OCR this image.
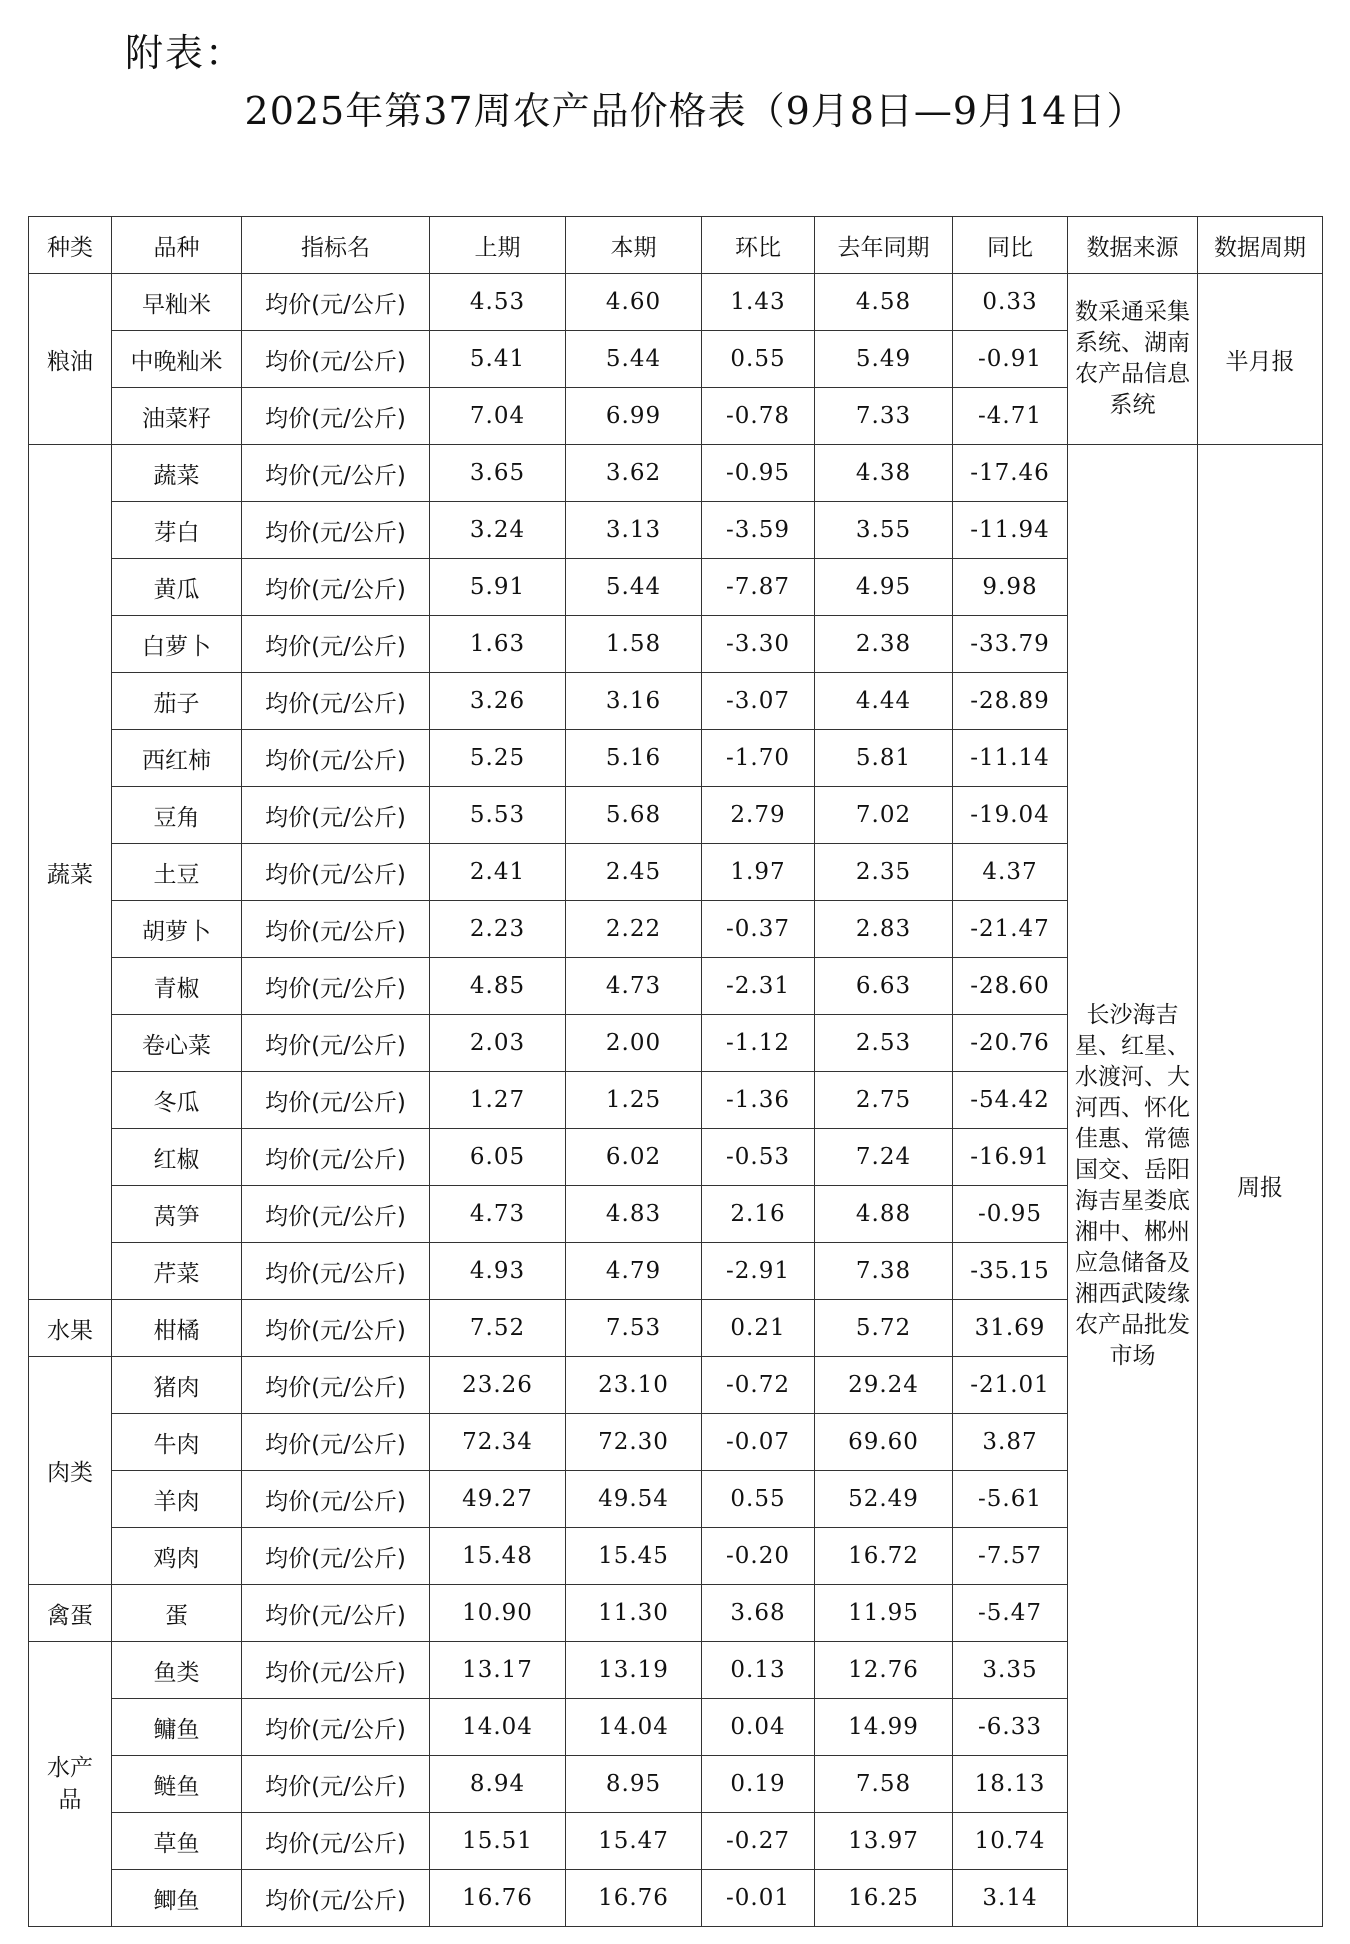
附表：
2025年第37周农产品价格表（9月8日—9月14日）
种类	品种	指标名	上期	本期	环比	去年同期	同比	数据来源	数据周期
粮油	早籼米	均价(元/公斤)	4.53	4.60	1.43	4.58	0.33	数采通采集系统、湖南农产品信息系统	半月报
	中晚籼米	均价(元/公斤)	5.41	5.44	0.55	5.49	-0.91		
	油菜籽	均价(元/公斤)	7.04	6.99	-0.78	7.33	-4.71		
蔬菜	蔬菜	均价(元/公斤)	3.65	3.62	-0.95	4.38	-17.46	长沙海吉星、红星、水渡河、大河西、怀化佳惠、常德国交、岳阳海吉星娄底湘中、郴州应急储备及湘西武陵缘农产品批发市场	周报
	芽白	均价(元/公斤)	3.24	3.13	-3.59	3.55	-11.94		
	黄瓜	均价(元/公斤)	5.91	5.44	-7.87	4.95	9.98		
	白萝卜	均价(元/公斤)	1.63	1.58	-3.30	2.38	-33.79		
	茄子	均价(元/公斤)	3.26	3.16	-3.07	4.44	-28.89		
	西红柿	均价(元/公斤)	5.25	5.16	-1.70	5.81	-11.14		
	豆角	均价(元/公斤)	5.53	5.68	2.79	7.02	-19.04		
	土豆	均价(元/公斤)	2.41	2.45	1.97	2.35	4.37		
	胡萝卜	均价(元/公斤)	2.23	2.22	-0.37	2.83	-21.47		
	青椒	均价(元/公斤)	4.85	4.73	-2.31	6.63	-28.60		
	卷心菜	均价(元/公斤)	2.03	2.00	-1.12	2.53	-20.76		
	冬瓜	均价(元/公斤)	1.27	1.25	-1.36	2.75	-54.42		
	红椒	均价(元/公斤)	6.05	6.02	-0.53	7.24	-16.91		
	莴笋	均价(元/公斤)	4.73	4.83	2.16	4.88	-0.95		
	芹菜	均价(元/公斤)	4.93	4.79	-2.91	7.38	-35.15		
水果	柑橘	均价(元/公斤)	7.52	7.53	0.21	5.72	31.69		
肉类	猪肉	均价(元/公斤)	23.26	23.10	-0.72	29.24	-21.01		
	牛肉	均价(元/公斤)	72.34	72.30	-0.07	69.60	3.87		
	羊肉	均价(元/公斤)	49.27	49.54	0.55	52.49	-5.61		
	鸡肉	均价(元/公斤)	15.48	15.45	-0.20	16.72	-7.57		
禽蛋	蛋	均价(元/公斤)	10.90	11.30	3.68	11.95	-5.47		
水产品	鱼类	均价(元/公斤)	13.17	13.19	0.13	12.76	3.35		
	鳙鱼	均价(元/公斤)	14.04	14.04	0.04	14.99	-6.33		
	鲢鱼	均价(元/公斤)	8.94	8.95	0.19	7.58	18.13		
	草鱼	均价(元/公斤)	15.51	15.47	-0.27	13.97	10.74		
	鲫鱼	均价(元/公斤)	16.76	16.76	-0.01	16.25	3.14		
